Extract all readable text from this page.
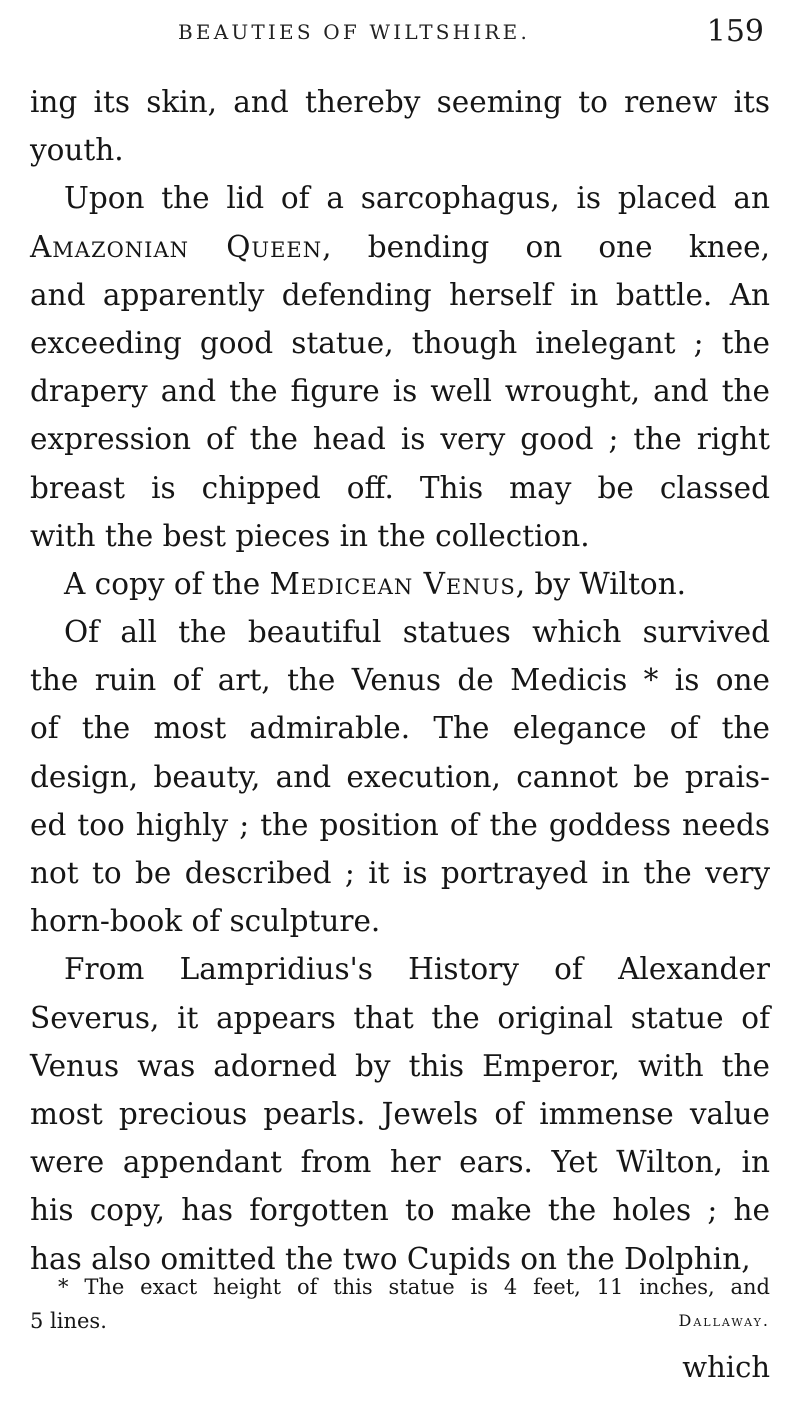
BEAUTIES OF WILTSHIRE.	159
ing its skin, and thereby seeming to renew its
youth.
Upon the lid of a sarcophagus, is placed an
Amazonian Queen, bending on one knee,
and apparently defending herself in battle. An
exceeding good statue, though inelegant ; the
drapery and the figure is well wrought, and the
expression of the head is very good ; the right
breast is chipped off. This may be classed
with the best pieces in the collection.
A copy of the Medicean Venus, by Wilton.
Of all the beautiful statues which survived
the ruin of art, the Venus de Medicis * is one
of the most admirable. The elegance of the
design, beauty, and execution, cannot be prais-
ed too highly ; the position of the goddess needs
not to be described ; it is portrayed in the very
horn-book of sculpture.
From Lampridius's History of Alexander
Severus, it appears that the original statue of
Venus was adorned by this Emperor, with the
most precious pearls. Jewels of immense value
were appendant from her ears. Yet Wilton, in
his copy, has forgotten to make the holes ; he
has also omitted the two Cupids on the Dolphin,
* The exact height of this statue is 4 feet, 11 inches, and
5 lines.	Dallaway.
which
